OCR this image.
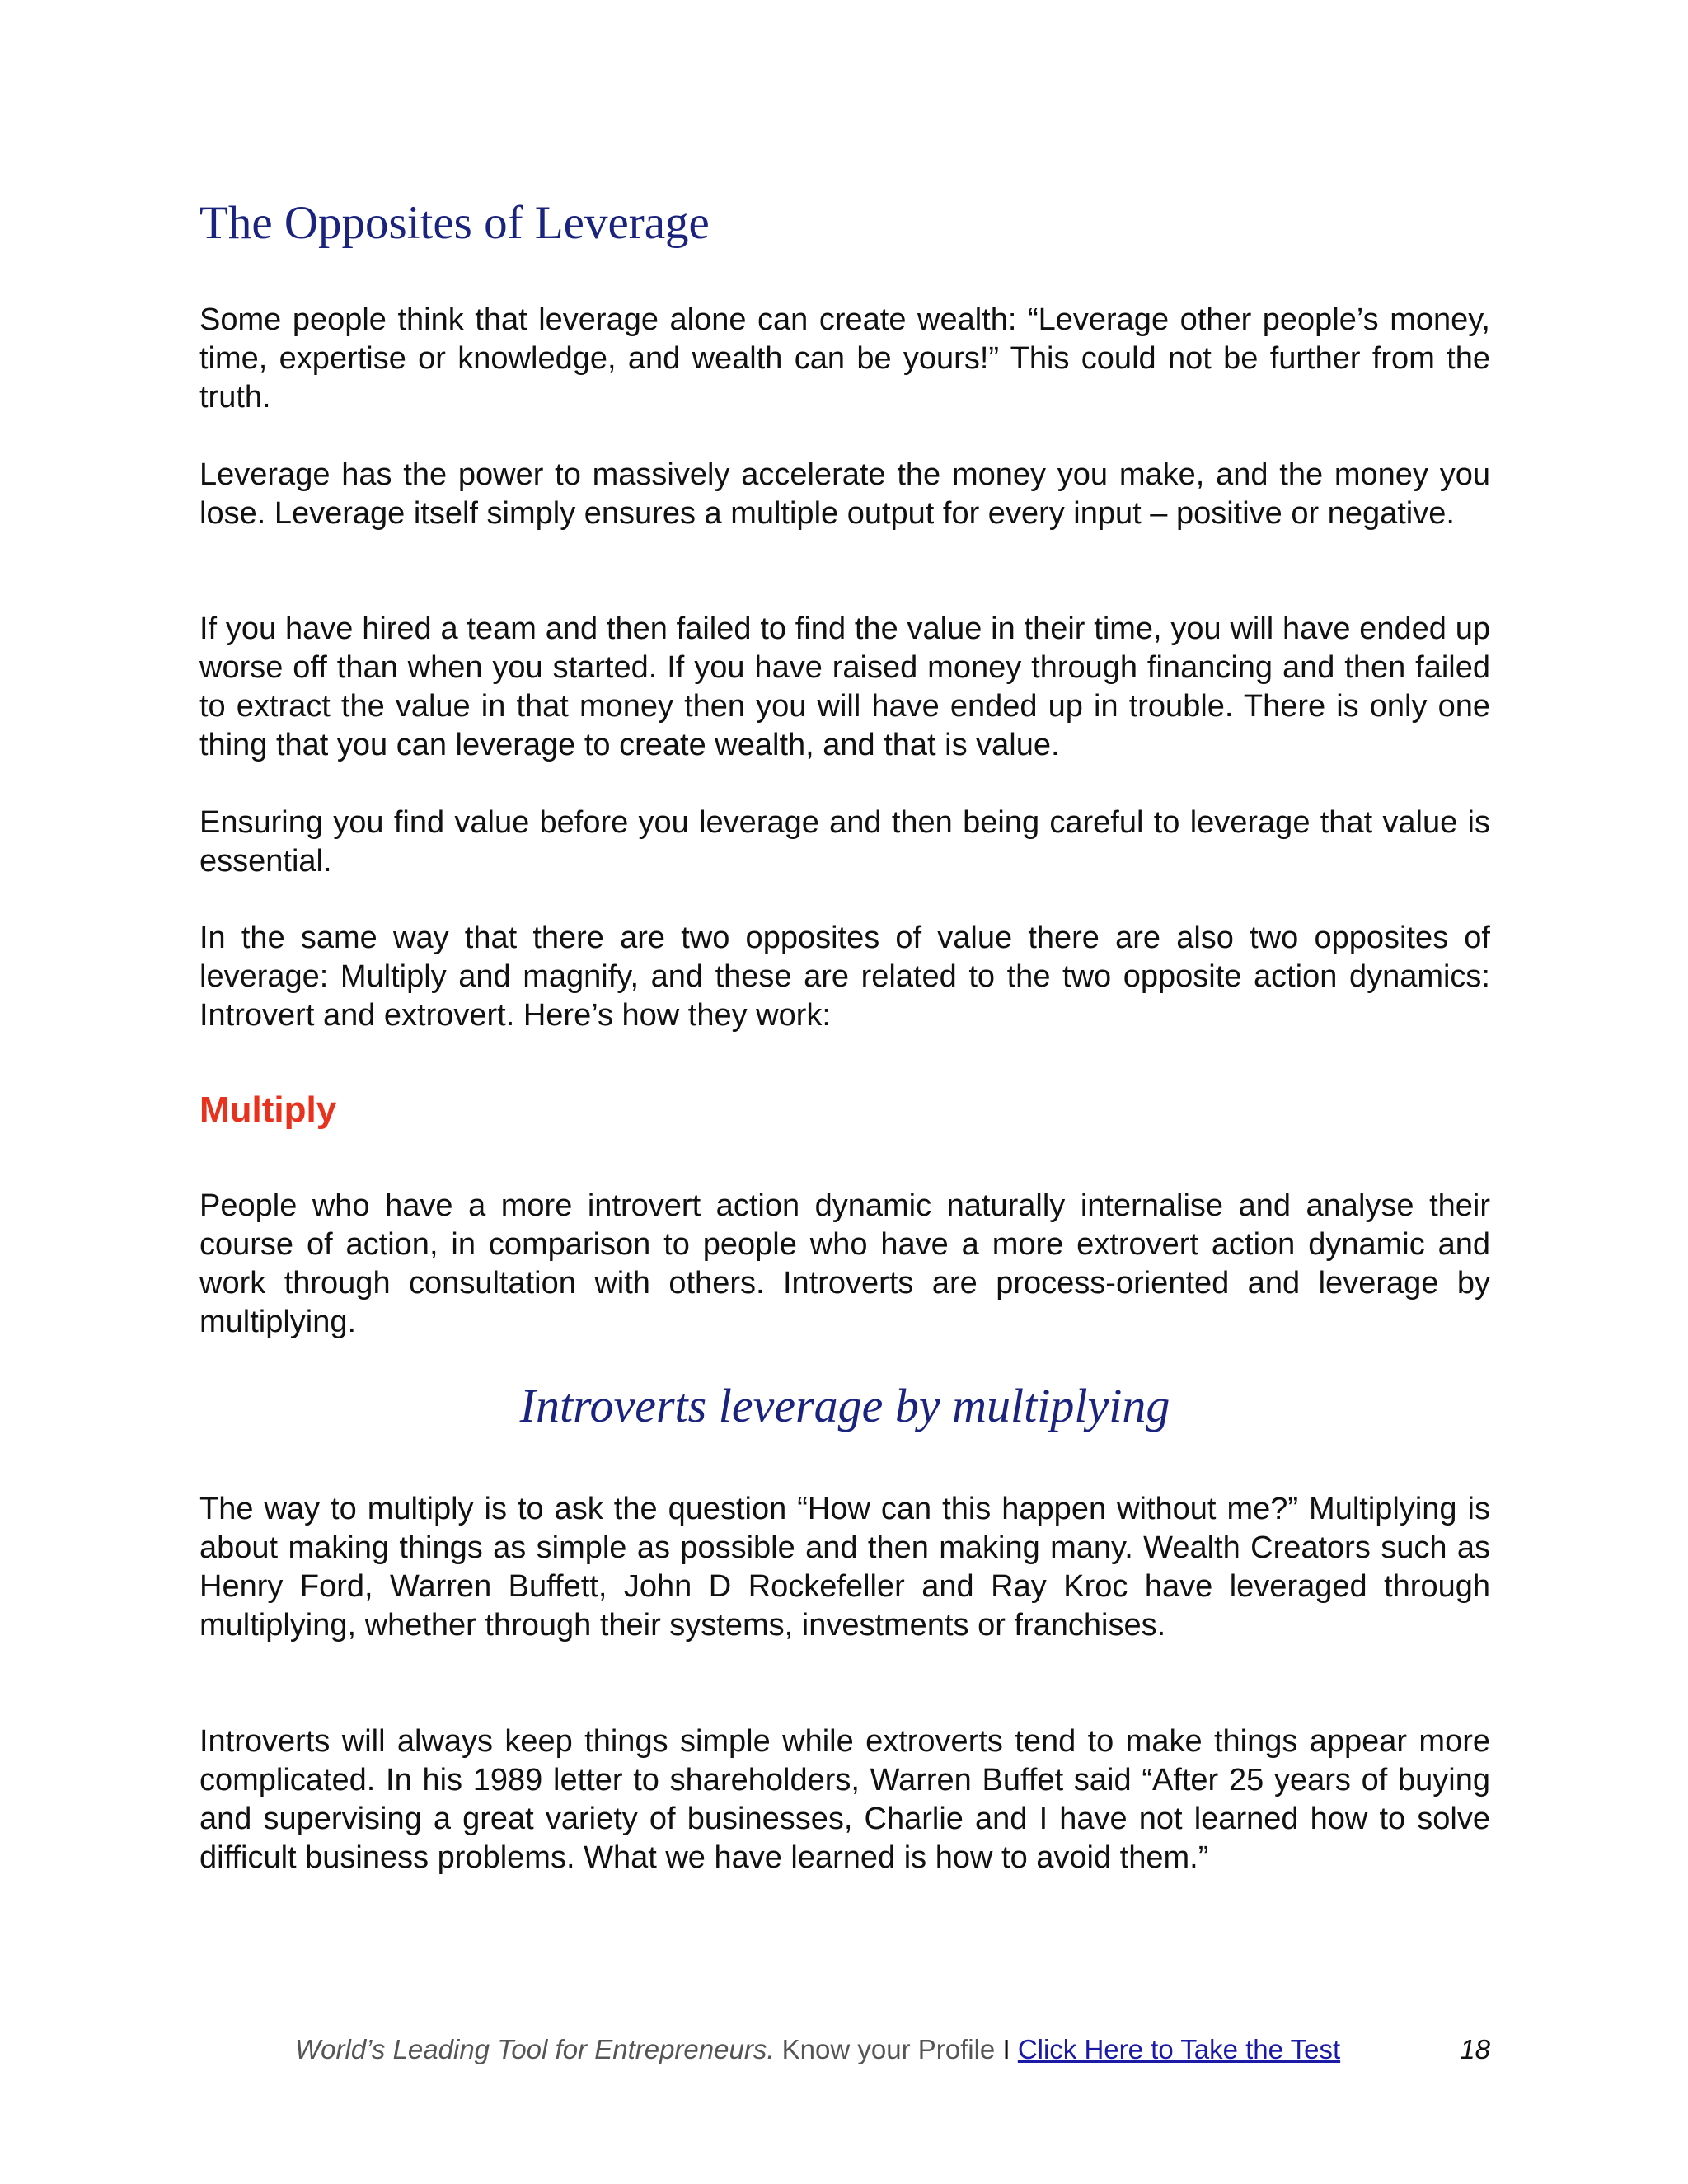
The Opposites of Leverage

Some people think that leverage alone can create wealth: “Leverage other people’s money, time, expertise or knowledge, and wealth can be yours!” This could not be further from the truth.

Leverage has the power to massively accelerate the money you make, and the money you lose. Leverage itself simply ensures a multiple output for every input – positive or negative.

If you have hired a team and then failed to find the value in their time, you will have ended up worse off than when you started. If you have raised money through financing and then failed to extract the value in that money then you will have ended up in trouble. There is only one thing that you can leverage to create wealth, and that is value.

Ensuring you find value before you leverage and then being careful to leverage that value is essential.

In the same way that there are two opposites of value there are also two opposites of leverage: Multiply and magnify, and these are related to the two opposite action dynamics: Introvert and extrovert. Here’s how they work:

Multiply

People who have a more introvert action dynamic naturally internalise and analyse their course of action, in comparison to people who have a more extrovert action dynamic and work through consultation with others. Introverts are process-oriented and leverage by multiplying.

Introverts leverage by multiplying

The way to multiply is to ask the question “How can this happen without me?” Multiplying is about making things as simple as possible and then making many. Wealth Creators such as Henry Ford, Warren Buffett, John D Rockefeller and Ray Kroc have leveraged through multiplying, whether through their systems, investments or franchises.

Introverts will always keep things simple while extroverts tend to make things appear more complicated. In his 1989 letter to shareholders, Warren Buffet said “After 25 years of buying and supervising a great variety of businesses, Charlie and I have not learned how to solve difficult business problems. What we have learned is how to avoid them.”

World’s Leading Tool for Entrepreneurs. Know your Profile I Click Here to Take the Test	18
